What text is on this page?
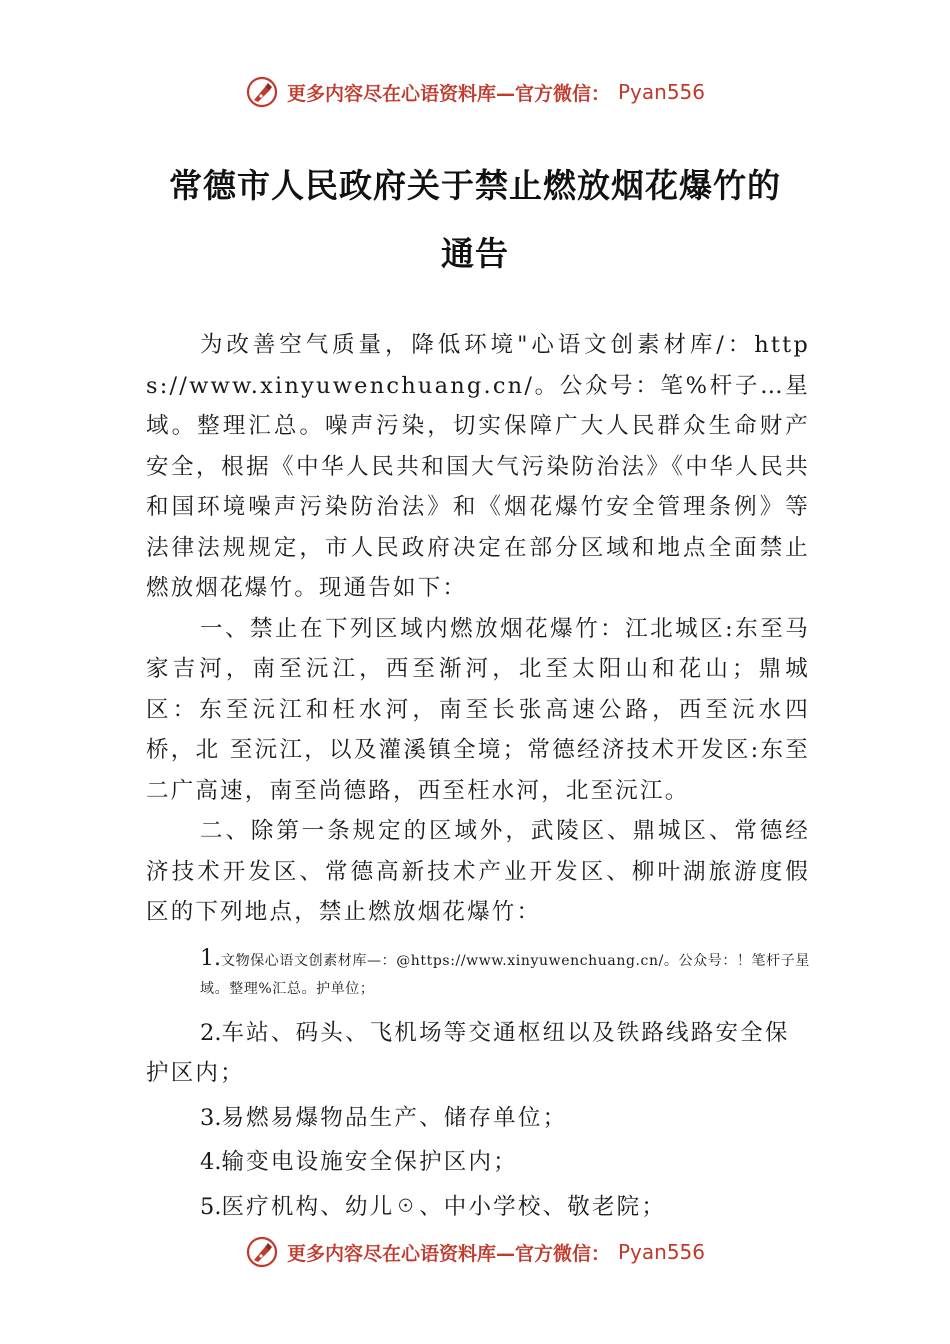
更多内容尽在心语资料库—官方微信： Pyan556
常德市人民政府关于禁止燃放烟花爆竹的
通告

为改善空气质量，降低环境"心语文创素材库/：https://www.xinyuwenchuang.cn/。公众号：笔%杆子…星域。整理汇总。噪声污染，切实保障广大人民群众生命财产安全，根据《中华人民共和国大气污染防治法》《中华人民共和国环境噪声污染防治法》和《烟花爆竹安全管理条例》等法律法规规定，市人民政府决定在部分区域和地点全面禁止燃放烟花爆竹。现通告如下：

一、禁止在下列区域内燃放烟花爆竹：江北城区:东至马家吉河，南至沅江，西至渐河，北至太阳山和花山；鼎城区：东至沅江和枉水河，南至长张高速公路，西至沅水四桥，北 至沅江，以及灌溪镇全境；常德经济技术开发区:东至二广高速，南至尚德路，西至枉水河，北至沅江。

二、除第一条规定的区域外，武陵区、鼎城区、常德经济技术开发区、常德高新技术产业开发区、柳叶湖旅游度假区的下列地点，禁止燃放烟花爆竹：

1.文物保心语文创素材库—：@https://www.xinyuwenchuang.cn/。公众号：！笔杆子星域。整理%汇总。护单位；

2.车站、码头、飞机场等交通枢纽以及铁路线路安全保护区内；

3.易燃易爆物品生产、储存单位；

4.输变电设施安全保护区内；

5.医疗机构、幼儿☉、中小学校、敬老院；

更多内容尽在心语资料库—官方微信： Pyan556
